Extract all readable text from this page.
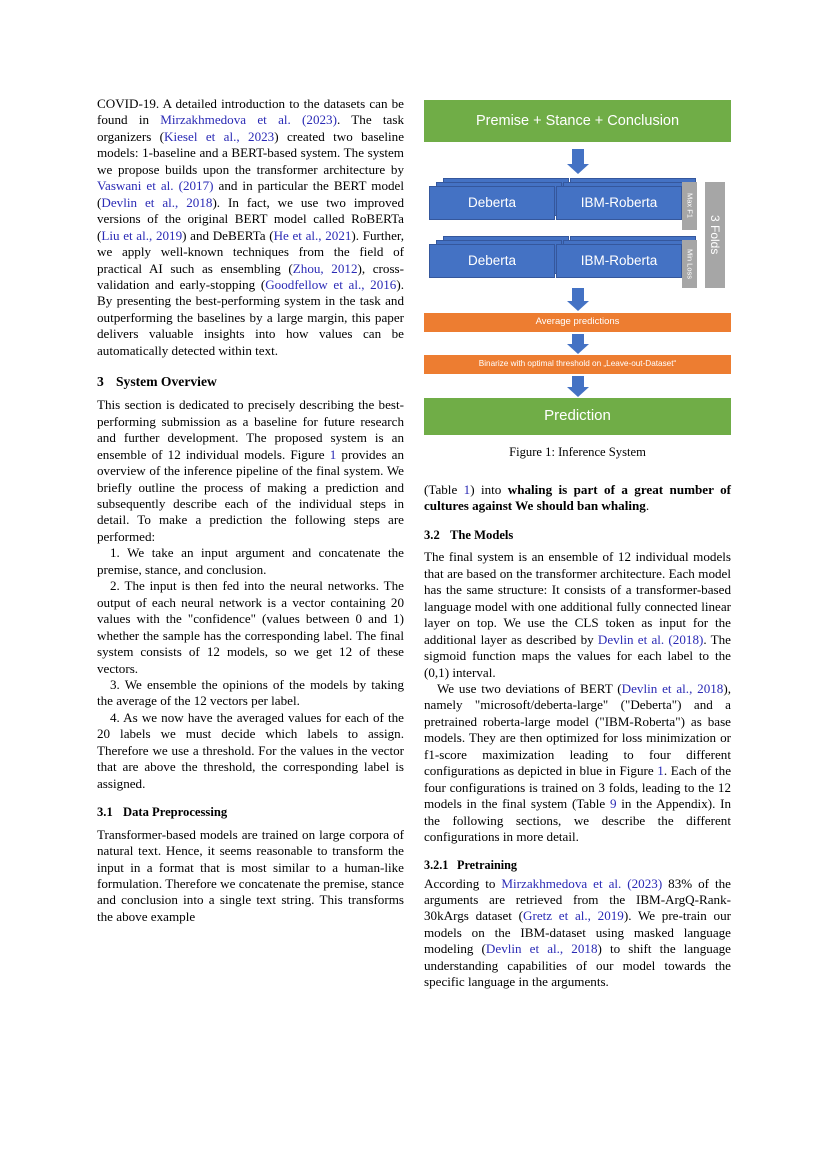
COVID-19. A detailed introduction to the datasets can be found in Mirzakhmedova et al. (2023). The task organizers (Kiesel et al., 2023) created two baseline models: 1-baseline and a BERT-based system. The system we propose builds upon the transformer architecture by Vaswani et al. (2017) and in particular the BERT model (Devlin et al., 2018). In fact, we use two improved versions of the original BERT model called RoBERTa (Liu et al., 2019) and DeBERTa (He et al., 2021). Further, we apply well-known techniques from the field of practical AI such as ensembling (Zhou, 2012), cross-validation and early-stopping (Goodfellow et al., 2016). By presenting the best-performing system in the task and outperforming the baselines by a large margin, this paper delivers valuable insights into how values can be automatically detected within text.

3 System Overview

This section is dedicated to precisely describing the best-performing submission as a baseline for future research and further development. The proposed system is an ensemble of 12 individual models. Figure 1 provides an overview of the inference pipeline of the final system. We briefly outline the process of making a prediction and subsequently describe each of the individual steps in detail. To make a prediction the following steps are performed:

1. We take an input argument and concatenate the premise, stance, and conclusion.

2. The input is then fed into the neural networks. The output of each neural network is a vector containing 20 values with the "confidence" (values between 0 and 1) whether the sample has the corresponding label. The final system consists of 12 models, so we get 12 of these vectors.

3. We ensemble the opinions of the models by taking the average of the 12 vectors per label.

4. As we now have the averaged values for each of the 20 labels we must decide which labels to assign. Therefore we use a threshold. For the values in the vector that are above the threshold, the corresponding label is assigned.

3.1 Data Preprocessing

Transformer-based models are trained on large corpora of natural text. Hence, it seems reasonable to transform the input in a format that is most similar to a human-like formulation. Therefore we concatenate the premise, stance and conclusion into a single text string. This transforms the above example

Premise + Stance + Conclusion
Deberta	IBM-Roberta
Deberta	IBM-Roberta
Max F1
Min Loss
3 Folds
Average predictions
Binarize with optimal threshold on „Leave-out-Dataset“
Prediction
Figure 1: Inference System

(Table 1) into whaling is part of a great number of cultures against We should ban whaling.

3.2 The Models

The final system is an ensemble of 12 individual models that are based on the transformer architecture. Each model has the same structure: It consists of a transformer-based language model with one additional fully connected linear layer on top. We use the CLS token as input for the additional layer as described by Devlin et al. (2018). The sigmoid function maps the values for each label to the (0,1) interval.

We use two deviations of BERT (Devlin et al., 2018), namely "microsoft/deberta-large" ("Deberta") and a pretrained roberta-large model ("IBM-Roberta") as base models. They are then optimized for loss minimization or f1-score maximization leading to four different configurations as depicted in blue in Figure 1. Each of the four configurations is trained on 3 folds, leading to the 12 models in the final system (Table 9 in the Appendix). In the following sections, we describe the different configurations in more detail.

3.2.1 Pretraining

According to Mirzakhmedova et al. (2023) 83% of the arguments are retrieved from the IBM-ArgQ-Rank-30kArgs dataset (Gretz et al., 2019). We pre-train our models on the IBM-dataset using masked language modeling (Devlin et al., 2018) to shift the language understanding capabilities of our model towards the specific language in the arguments.
